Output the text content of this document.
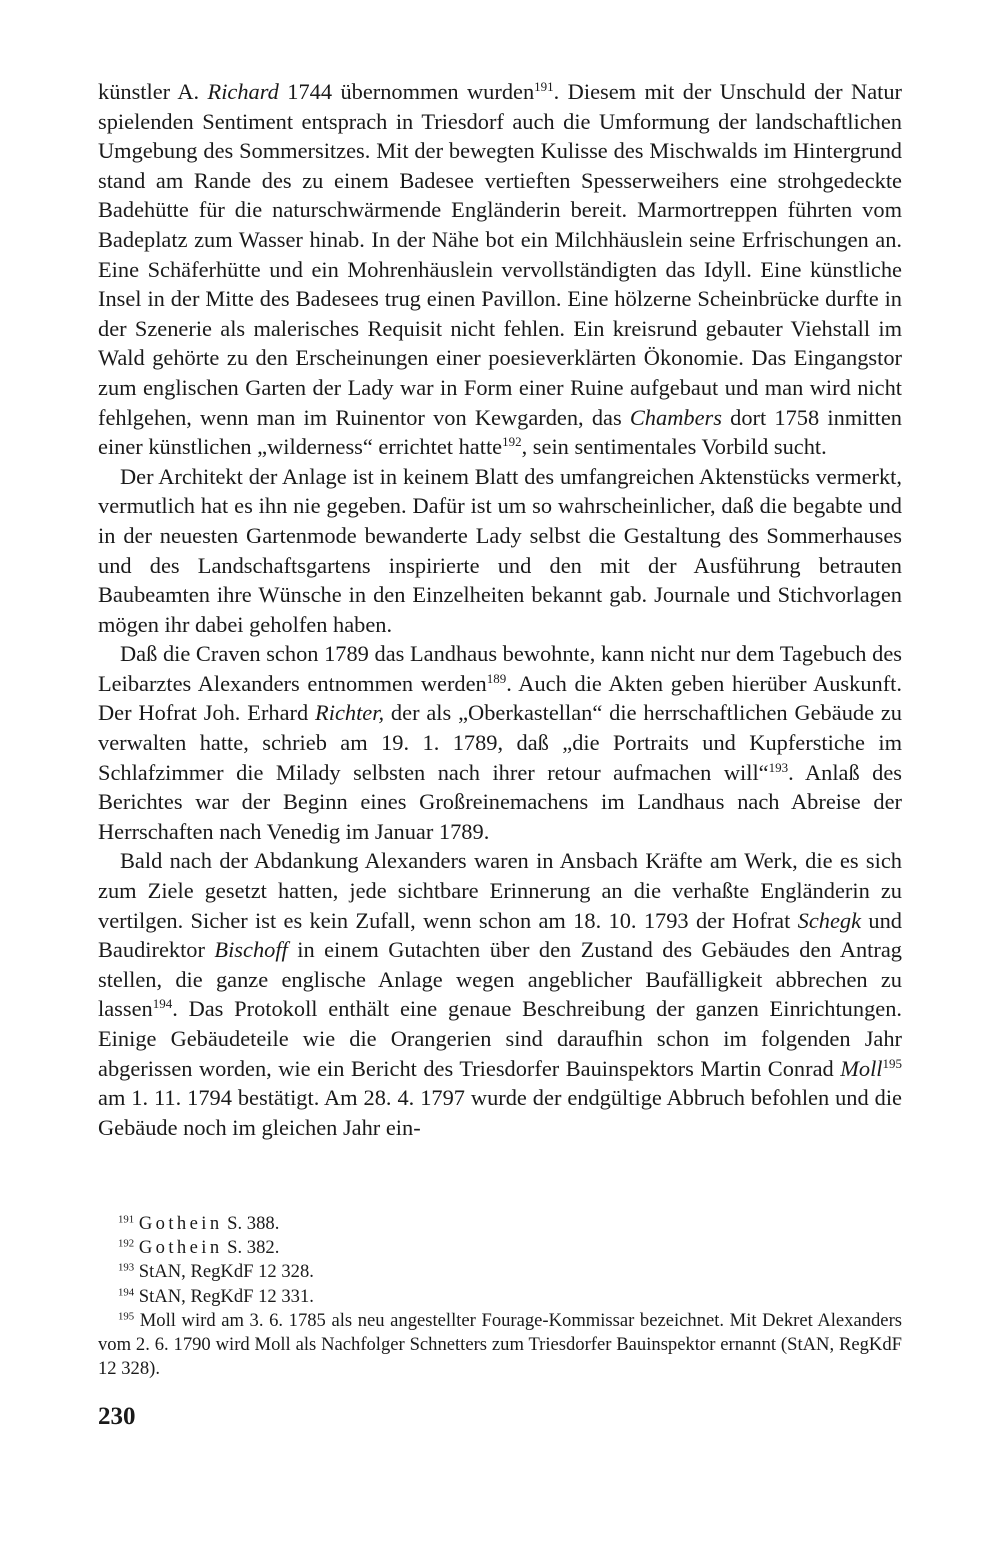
künstler A. Richard 1744 übernommen wurden$^{191}$. Diesem mit der Unschuld der Natur spielenden Sentiment entsprach in Triesdorf auch die Umformung der landschaftlichen Umgebung des Sommersitzes. Mit der bewegten Kulisse des Mischwalds im Hintergrund stand am Rande des zu einem Badesee vertieften Spesserweihers eine strohgedeckte Badehütte für die naturschwärmende Engländerin bereit. Marmortreppen führten vom Badeplatz zum Wasser hinab. In der Nähe bot ein Milchhäuslein seine Erfrischungen an. Eine Schäferhütte und ein Mohrenhäuslein vervollständigten das Idyll. Eine künstliche Insel in der Mitte des Badesees trug einen Pavillon. Eine hölzerne Scheinbrücke durfte in der Szenerie als malerisches Requisit nicht fehlen. Ein kreisrund gebauter Viehstall im Wald gehörte zu den Erscheinungen einer poesieverklärten Ökonomie. Das Eingangstor zum englischen Garten der Lady war in Form einer Ruine aufgebaut und man wird nicht fehlgehen, wenn man im Ruinentor von Kewgarden, das Chambers dort 1758 inmitten einer künstlichen „wilderness“ errichtet hatte$^{192}$, sein sentimentales Vorbild sucht.

Der Architekt der Anlage ist in keinem Blatt des umfangreichen Aktenstücks vermerkt, vermutlich hat es ihn nie gegeben. Dafür ist um so wahrscheinlicher, daß die begabte und in der neuesten Gartenmode bewanderte Lady selbst die Gestaltung des Sommerhauses und des Landschaftsgartens inspirierte und den mit der Ausführung betrauten Baubeamten ihre Wünsche in den Einzelheiten bekannt gab. Journale und Stichvorlagen mögen ihr dabei geholfen haben.

Daß die Craven schon 1789 das Landhaus bewohnte, kann nicht nur dem Tagebuch des Leibarztes Alexanders entnommen werden$^{189}$. Auch die Akten geben hierüber Auskunft. Der Hofrat Joh. Erhard Richter, der als „Oberkastellan“ die herrschaftlichen Gebäude zu verwalten hatte, schrieb am 19. 1. 1789, daß „die Portraits und Kupferstiche im Schlafzimmer die Milady selbsten nach ihrer retour aufmachen will“$^{193}$. Anlaß des Berichtes war der Beginn eines Großreinemachens im Landhaus nach Abreise der Herrschaften nach Venedig im Januar 1789.

Bald nach der Abdankung Alexanders waren in Ansbach Kräfte am Werk, die es sich zum Ziele gesetzt hatten, jede sichtbare Erinnerung an die verhaßte Engländerin zu vertilgen. Sicher ist es kein Zufall, wenn schon am 18. 10. 1793 der Hofrat Schegk und Baudirektor Bischoff in einem Gutachten über den Zustand des Gebäudes den Antrag stellen, die ganze englische Anlage wegen angeblicher Baufälligkeit abbrechen zu lassen$^{194}$. Das Protokoll enthält eine genaue Beschreibung der ganzen Einrichtungen. Einige Gebäudeteile wie die Orangerien sind daraufhin schon im folgenden Jahr abgerissen worden, wie ein Bericht des Triesdorfer Bauinspektors Martin Conrad Moll$^{195}$ am 1. 11. 1794 bestätigt. Am 28. 4. 1797 wurde der endgültige Abbruch befohlen und die Gebäude noch im gleichen Jahr ein-

$^{191}$ Gothein S. 388.

$^{192}$ Gothein S. 382.

$^{193}$ StAN, RegKdF 12 328.

$^{194}$ StAN, RegKdF 12 331.

$^{195}$ Moll wird am 3. 6. 1785 als neu angestellter Fourage-Kommissar bezeichnet. Mit Dekret Alexanders vom 2. 6. 1790 wird Moll als Nachfolger Schnetters zum Triesdorfer Bauinspektor ernannt (StAN, RegKdF 12 328).

230
